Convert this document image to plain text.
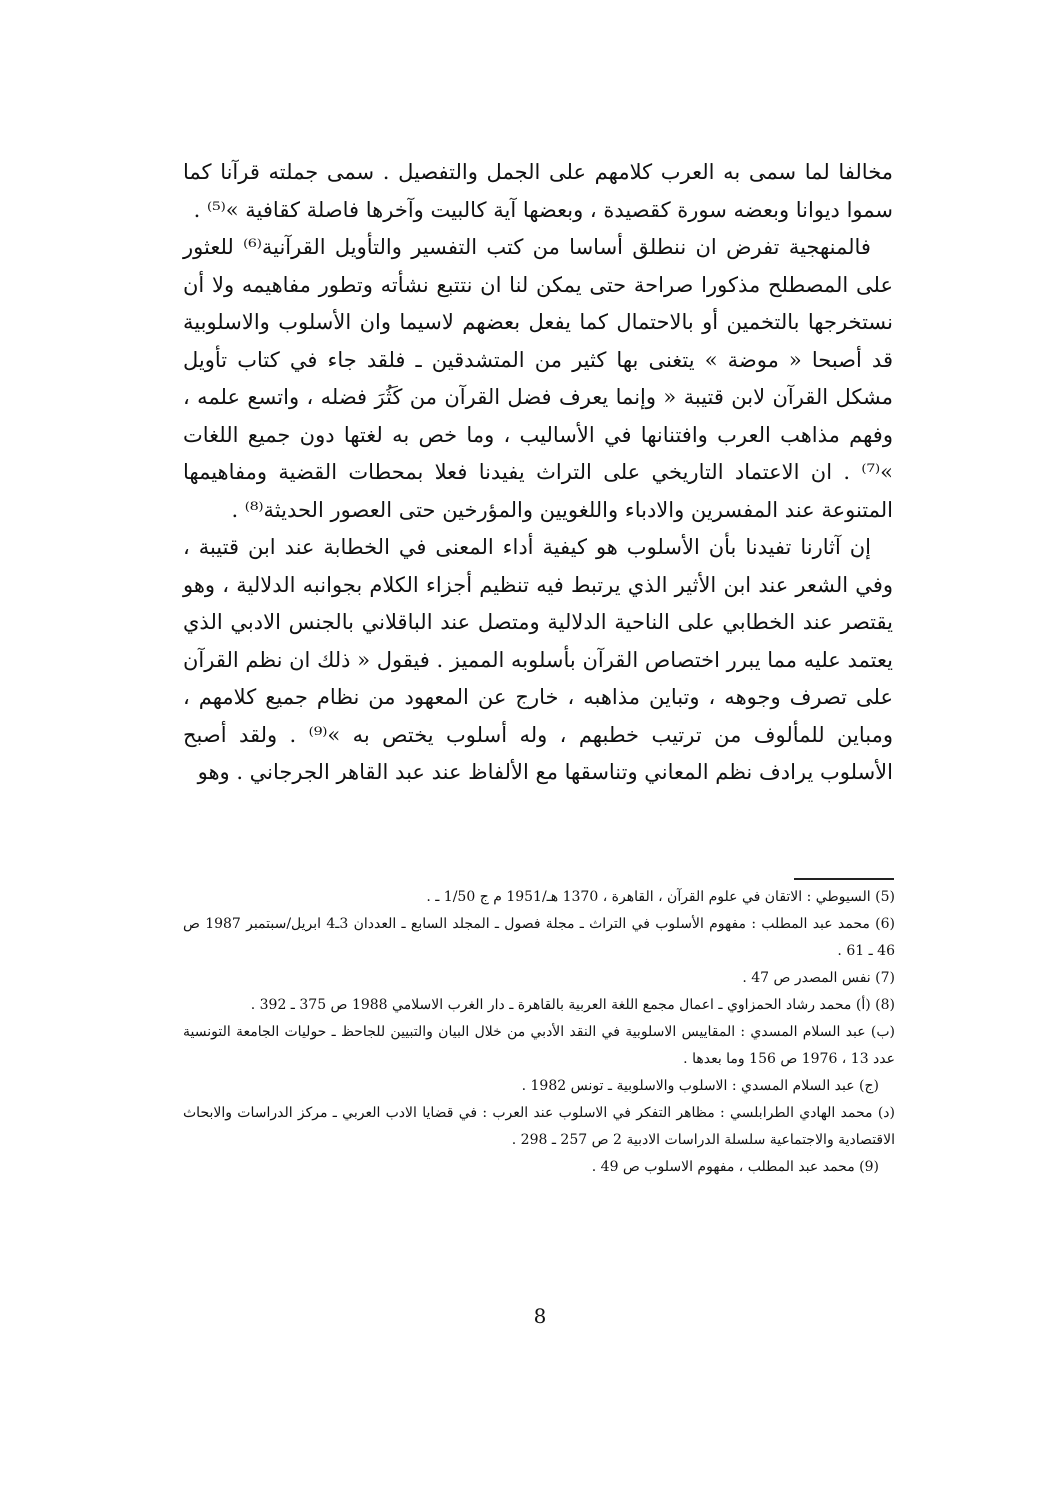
مخالفا لما سمى به العرب كلامهم على الجمل والتفصيل . سمى جملته قرآنا كما سموا ديوانا وبعضه سورة كقصيدة ، وبعضها آية كالبيت وآخرها فاصلة كقافية »⁽⁵⁾ .

فالمنهجية تفرض ان ننطلق أساسا من كتب التفسير والتأويل القرآنية⁽⁶⁾ للعثور على المصطلح مذكورا صراحة حتى يمكن لنا ان نتتبع نشأته وتطور مفاهيمه ولا أن نستخرجها بالتخمين أو بالاحتمال كما يفعل بعضهم لاسيما وان الأسلوب والاسلوبية قد أصبحا « موضة » يتغنى بها كثير من المتشدقين ـ فلقد جاء في كتاب تأويل مشكل القرآن لابن قتيبة « وإنما يعرف فضل القرآن من كَثُرَ فضله ، واتسع علمه ، وفهم مذاهب العرب وافتنانها في الأساليب ، وما خص به لغتها دون جميع اللغات »⁽⁷⁾ . ان الاعتماد التاريخي على التراث يفيدنا فعلا بمحطات القضية ومفاهيمها المتنوعة عند المفسرين والادباء واللغويين والمؤرخين حتى العصور الحديثة⁽⁸⁾ .

إن آثارنا تفيدنا بأن الأسلوب هو كيفية أداء المعنى في الخطابة عند ابن قتيبة ، وفي الشعر عند ابن الأثير الذي يرتبط فيه تنظيم أجزاء الكلام بجوانبه الدلالية ، وهو يقتصر عند الخطابي على الناحية الدلالية ومتصل عند الباقلاني بالجنس الادبي الذي يعتمد عليه مما يبرر اختصاص القرآن بأسلوبه المميز . فيقول « ذلك ان نظم القرآن على تصرف وجوهه ، وتباين مذاهبه ، خارج عن المعهود من نظام جميع كلامهم ، ومباين للمألوف من ترتيب خطبهم ، وله أسلوب يختص به »⁽⁹⁾ . ولقد أصبح الأسلوب يرادف نظم المعاني وتناسقها مع الألفاظ عند عبد القاهر الجرجاني . وهو

(5) السيوطي : الاتقان في علوم القرآن ، القاهرة ، 1370 هـ/1951 م ج 1/50 ـ .

(6) محمد عبد المطلب : مفهوم الأسلوب في التراث ـ مجلة فصول ـ المجلد السابع ـ العددان 3ـ4 ابريل/سبتمبر 1987 ص 46 ـ 61 .

(7) نفس المصدر ص 47 .

(8) (أ) محمد رشاد الحمزاوي ـ اعمال مجمع اللغة العربية بالقاهرة ـ دار الغرب الاسلامي 1988 ص 375 ـ 392 .

(ب) عبد السلام المسدي : المقاييس الاسلوبية في النقد الأدبي من خلال البيان والتبيين للجاحظ ـ حوليات الجامعة التونسية عدد 13 ، 1976 ص 156 وما بعدها .

(ج) عبد السلام المسدي : الاسلوب والاسلوبية ـ تونس 1982 .

(د) محمد الهادي الطرابلسي : مظاهر التفكر في الاسلوب عند العرب : في قضايا الادب العربي ـ مركز الدراسات والابحاث الاقتصادية والاجتماعية سلسلة الدراسات الادبية 2 ص 257 ـ 298 .

(9) محمد عبد المطلب ، مفهوم الاسلوب ص 49 .

8
